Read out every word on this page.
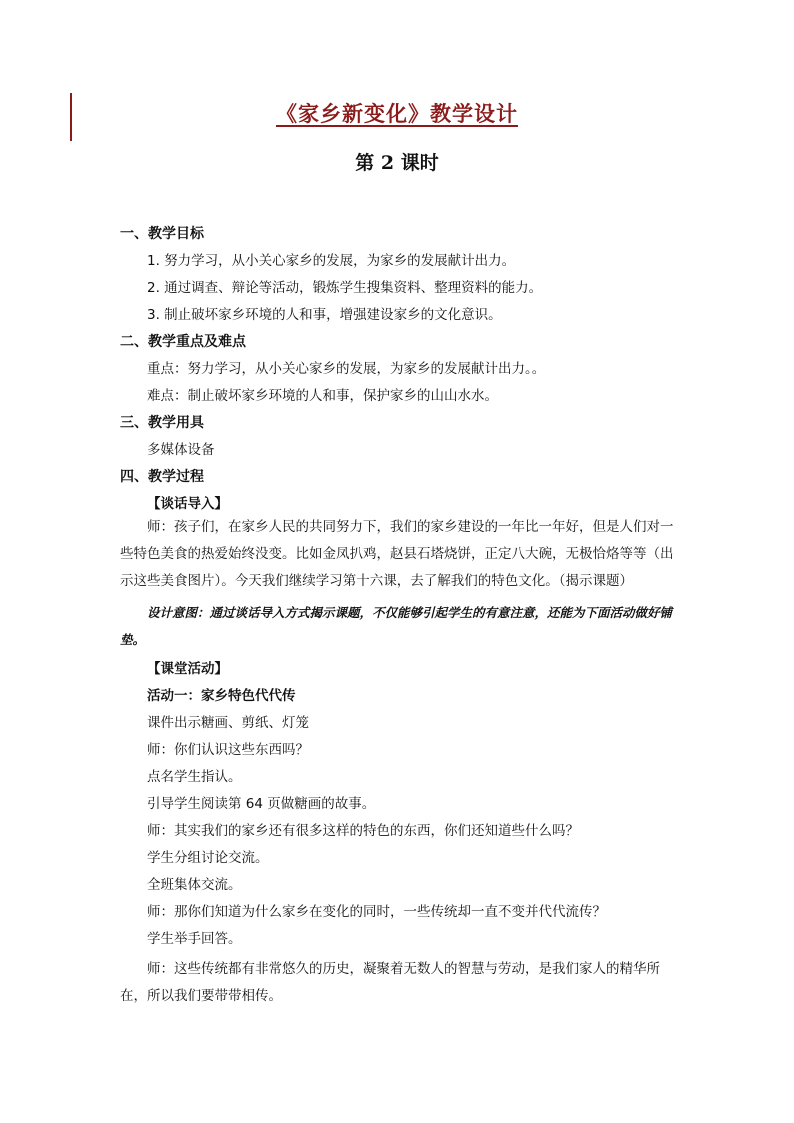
《家乡新变化》教学设计
第 2 课时
一、教学目标
1. 努力学习，从小关心家乡的发展，为家乡的发展献计出力。
2. 通过调查、辩论等活动，锻炼学生搜集资料、整理资料的能力。
3. 制止破坏家乡环境的人和事，增强建设家乡的文化意识。
二、教学重点及难点
重点：努力学习，从小关心家乡的发展，为家乡的发展献计出力。。
难点：制止破坏家乡环境的人和事，保护家乡的山山水水。
三、教学用具
多媒体设备
四、教学过程
【谈话导入】
师：孩子们，在家乡人民的共同努力下，我们的家乡建设的一年比一年好，但是人们对一些特色美食的热爱始终没变。比如金凤扒鸡，赵县石塔烧饼，正定八大碗，无极恰烙等等（出示这些美食图片）。今天我们继续学习第十六课，去了解我们的特色文化。（揭示课题）
设计意图：通过谈话导入方式揭示课题，不仅能够引起学生的有意注意，还能为下面活动做好铺垫。
【课堂活动】
活动一：家乡特色代代传
课件出示糖画、剪纸、灯笼
师：你们认识这些东西吗？
点名学生指认。
引导学生阅读第 64 页做糖画的故事。
师：其实我们的家乡还有很多这样的特色的东西，你们还知道些什么吗？
学生分组讨论交流。
全班集体交流。
师：那你们知道为什么家乡在变化的同时，一些传统却一直不变并代代流传？
学生举手回答。
师：这些传统都有非常悠久的历史，凝聚着无数人的智慧与劳动，是我们家人的精华所在，所以我们要带带相传。
